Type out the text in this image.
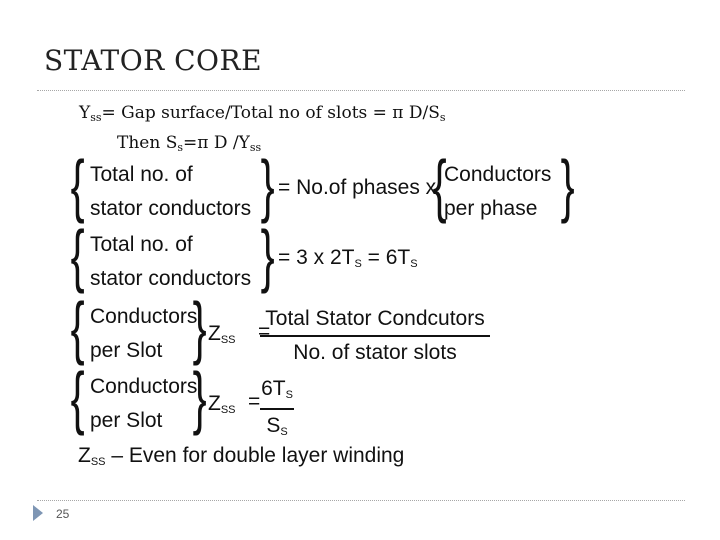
STATOR CORE
$Y_{ss}=$ Gap surface/Total no of slots = π $D/S_s$
Then $S_s=\pi$ D $/Y_{ss}$
{ Total no. of
stator conductors } = No.of phases x
{
Conductors
per phase }
{ Total no. of
stator conductors } = 3 x $2T_S = 6T_S$
{ Conductors
per Slot } $Z_{SS}$ =
Total Stator Condcutors
No. of stator slots
{ Conductors
per Slot } $Z_{SS}$ =
$6T_S$
$S_S$
$Z_{SS}$ – Even for double layer winding
25
